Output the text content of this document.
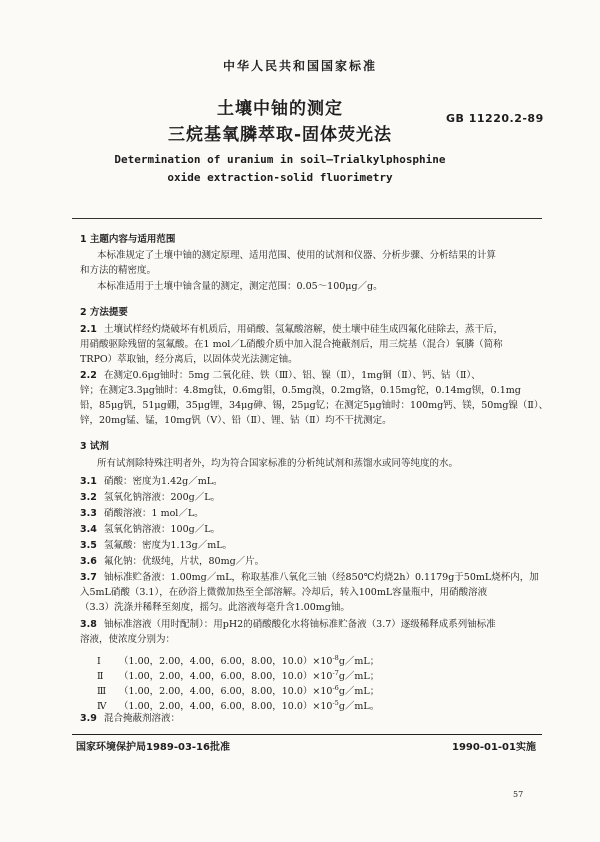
中华人民共和国国家标准
土壤中铀的测定
三烷基氧膦萃取-固体荧光法
GB 11220.2-89
Determination of uranium in soil—Trialkylphosphine
oxide extraction-solid fluorimetry
1 主题内容与适用范围
本标准规定了土壤中铀的测定原理、适用范围、使用的试剂和仪器、分析步骤、分析结果的计算
和方法的精密度。
本标准适用于土壤中铀含量的测定，测定范围：0.05～100μg／g。
2 方法提要
2.1 土壤试样经灼烧破坏有机质后，用硝酸、氢氟酸溶解，使土壤中硅生成四氟化硅除去，蒸干后，
用硝酸驱除残留的氢氟酸。在1 mol／L硝酸介质中加入混合掩蔽剂后，用三烷基（混合）氧膦（简称
TRPO）萃取铀，经分离后，以固体荧光法测定铀。
2.2 在测定0.6μg铀时：5mg 二氧化硅、铁（Ⅲ）、铝、镍（Ⅱ），1mg铜（Ⅱ）、钙、钴（Ⅱ）、
锌；在测定3.3μg铀时：4.8mg钛，0.6mg钼，0.5mg溴，0.2mg铬，0.15mg铊，0.14mg钡，0.1mg
铅，85μg钒，51μg硼，35μg锂，34μg砷、锡，25μg钇；在测定5μg铀时：100mg钙、镁，50mg镍（Ⅱ）、
锌，20mg锰、锰，10mg钒（Ⅴ）、铅（Ⅱ）、锂、钴（Ⅱ）均不干扰测定。
3 试剂
所有试剂除特殊注明者外，均为符合国家标准的分析纯试剂和蒸馏水或同等纯度的水。
3.1 硝酸：密度为1.42g／mL。
3.2 氢氧化钠溶液：200g／L。
3.3 硝酸溶液：1 mol／L。
3.4 氢氧化钠溶液：100g／L。
3.5 氢氟酸：密度为1.13g／mL。
3.6 氟化钠：优级纯，片状，80mg／片。
3.7 铀标准贮备液：1.00mg／mL，称取基准八氧化三铀（经850℃灼烧2h）0.1179g于50mL烧杯内，加
入5mL硝酸（3.1），在砂浴上微微加热至全部溶解。冷却后，转入100mL容量瓶中，用硝酸溶液
（3.3）洗涤并稀释至刻度，摇匀。此溶液每毫升含1.00mg铀。
3.8 铀标准溶液（用时配制）：用pH2的硝酸酸化水将铀标准贮备液（3.7）逐级稀释成系列铀标准
溶液，使浓度分别为：
Ⅰ （1.00，2.00，4.00，6.00，8.00，$10.0)\times 10^{-8}g/mL$；
Ⅱ （1.00，2.00，4.00，6.00，8.00，$10.0)\times 10^{-7}g/mL$；
Ⅲ （1.00，2.00，4.00，6.00，8.00，$10.0)\times 10^{-6}g/mL$；
Ⅳ （1.00，2.00，4.00，6.00，8.00，$10.0)\times 10^{-5}g/mL$。
3.9 混合掩蔽剂溶液：
国家环境保护局1989-03-16批准	1990-01-01实施
57
